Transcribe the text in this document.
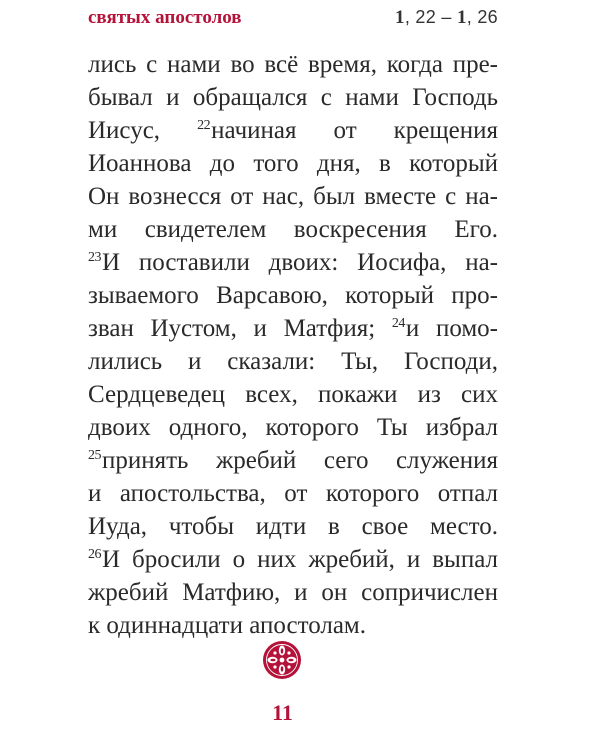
святых апостолов	1, 22 – 1, 26
лись с нами во всё время, когда пре-
бывал и обращался с нами Господь
Иисус, $^{22}$начиная от крещения
Иоаннова до того дня, в который
Он вознесся от нас, был вместе с на-
ми свидетелем воскресения Его.
$^{23}$И поставили двоих: Иосифа, на-
зываемого Варсавою, который про-
зван Иустом, и Матфия; $^{24}$и помо-
лились и сказали: Ты, Господи,
Сердцеведец всех, покажи из сих
двоих одного, которого Ты избрал
$^{25}$принять жребий сего служения
и апостольства, от которого отпал
Иуда, чтобы идти в свое место.
$^{26}$И бросили о них жребий, и выпал
жребий Матфию, и он сопричислен
к одиннадцати апостолам.
11
